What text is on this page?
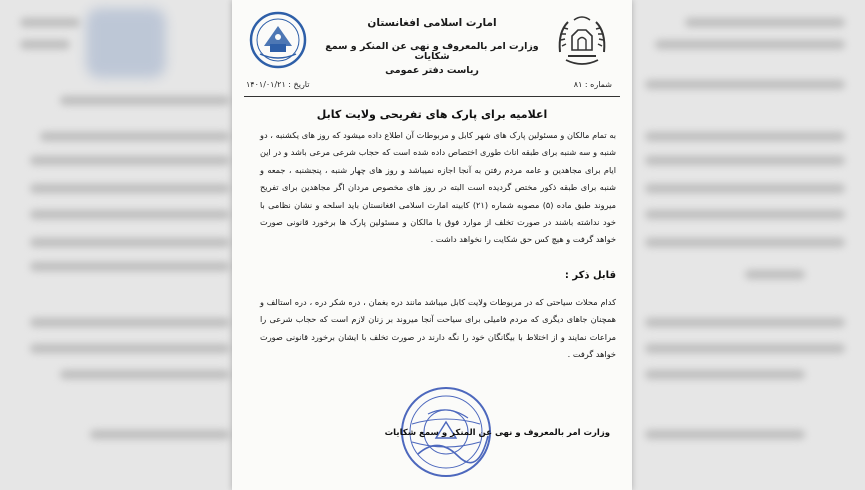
امارت اسلامی افغانستان
وزارت امر بالمعروف و نهی عن المنکر و سمع شکایات
ریاست دفتر عمومی
شماره : ۸۱
تاریخ : ۱۴۰۱/۰۱/۲۱
اعلامیه برای پارک های تفریحی ولایت کابل
به تمام مالکان و مسئولین پارک های شهر کابل و مربوطات آن اطلاع داده میشود که روز های یکشنبه ، دو شنبه و سه شنبه برای طبقه اناث طوری اختصاص داده شده است که حجاب شرعی مرعی باشد و در این ایام برای مجاهدین و عامه مردم رفتن به آنجا اجازه نمیباشد و روز های چهار شنبه ، پنجشنبه ، جمعه و شنبه برای طبقه ذکور مختص گردیده است البته در روز های مخصوص مردان اگر مجاهدین برای تفریح میروند طبق ماده (۵) مصوبه شماره (۲۱) کابینه امارت اسلامی افغانستان باید اسلحه و نشان نظامی با خود نداشته باشند در صورت تخلف از موارد فوق با مالکان و مسئولین پارک ها برخورد قانونی صورت خواهد گرفت و هیچ کس حق شکایت را نخواهد داشت .
قابل ذکر :
کدام محلات سیاحتی که در مربوطات ولایت کابل میباشد مانند دره بغمان ، دره شکر دره ، دره استالف و همچنان جاهای دیگری که مردم فامیلی برای سیاحت آنجا میروند بر زنان لازم است که حجاب شرعی را مراعات نمایند و از اختلاط با بیگانگان خود را نگه دارند در صورت تخلف با ایشان برخورد قانونی صورت خواهد گرفت .
وزارت امر بالمعروف و نهی عن المنکر و سمع شکایات
